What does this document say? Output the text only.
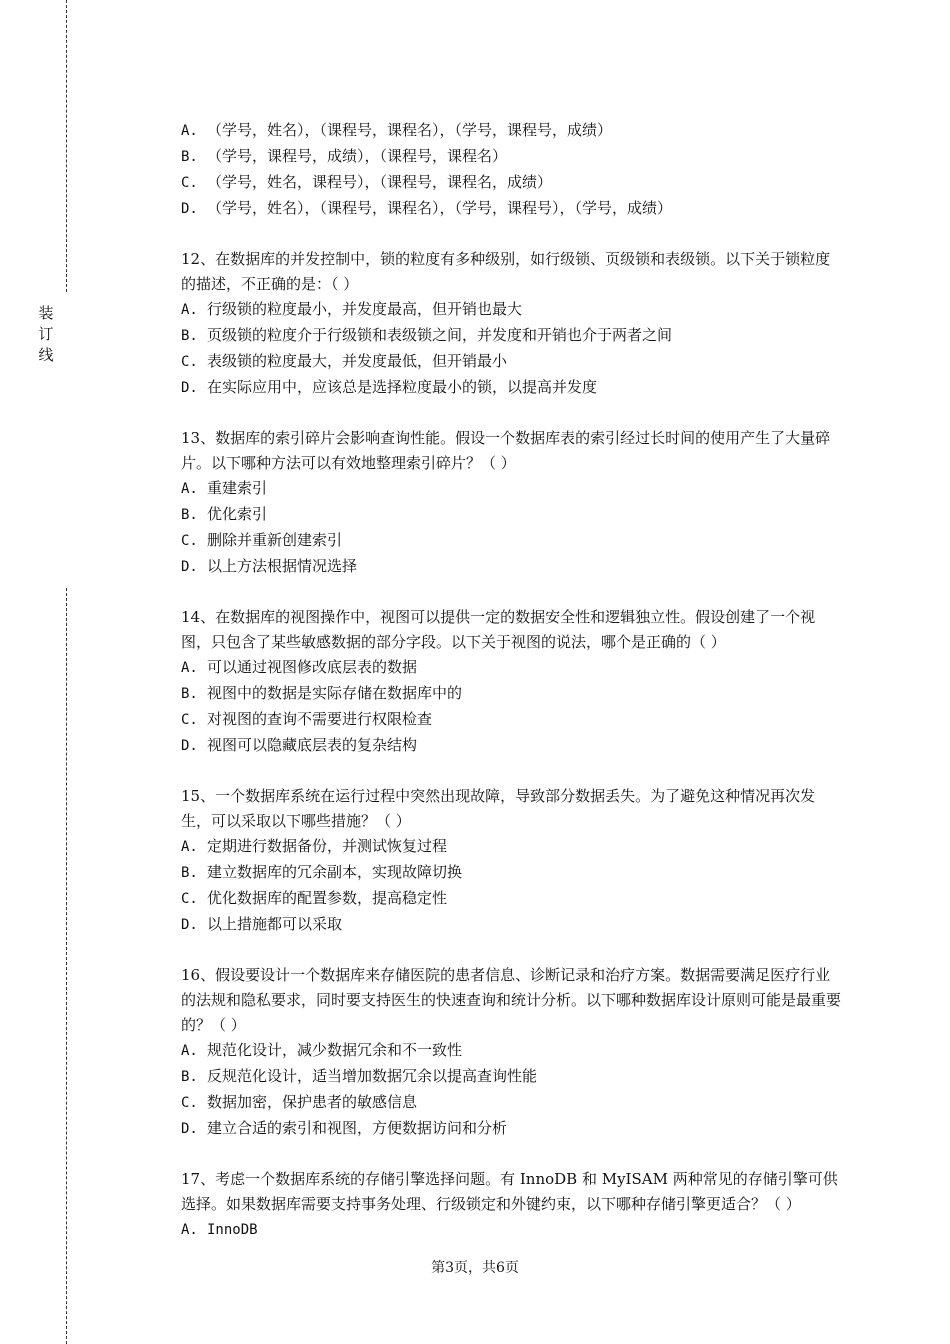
装
订
线
A. （学号，姓名），（课程号，课程名），（学号，课程号，成绩）
B. （学号，课程号，成绩），（课程号，课程名）
C. （学号，姓名，课程号），（课程号，课程名，成绩）
D. （学号，姓名），（课程号，课程名），（学号，课程号），（学号，成绩）

12、在数据库的并发控制中，锁的粒度有多种级别，如行级锁、页级锁和表级锁。以下关于锁粒度的描述，不正确的是：（ ）

A. 行级锁的粒度最小，并发度最高，但开销也最大
B. 页级锁的粒度介于行级锁和表级锁之间，并发度和开销也介于两者之间
C. 表级锁的粒度最大，并发度最低，但开销最小
D. 在实际应用中，应该总是选择粒度最小的锁，以提高并发度

13、数据库的索引碎片会影响查询性能。假设一个数据库表的索引经过长时间的使用产生了大量碎片。以下哪种方法可以有效地整理索引碎片？（ ）

A. 重建索引
B. 优化索引
C. 删除并重新创建索引
D. 以上方法根据情况选择

14、在数据库的视图操作中，视图可以提供一定的数据安全性和逻辑独立性。假设创建了一个视图，只包含了某些敏感数据的部分字段。以下关于视图的说法，哪个是正确的（ ）

A. 可以通过视图修改底层表的数据
B. 视图中的数据是实际存储在数据库中的
C. 对视图的查询不需要进行权限检查
D. 视图可以隐藏底层表的复杂结构

15、一个数据库系统在运行过程中突然出现故障，导致部分数据丢失。为了避免这种情况再次发生，可以采取以下哪些措施？（ ）

A. 定期进行数据备份，并测试恢复过程
B. 建立数据库的冗余副本，实现故障切换
C. 优化数据库的配置参数，提高稳定性
D. 以上措施都可以采取

16、假设要设计一个数据库来存储医院的患者信息、诊断记录和治疗方案。数据需要满足医疗行业的法规和隐私要求，同时要支持医生的快速查询和统计分析。以下哪种数据库设计原则可能是最重要的？（ ）

A. 规范化设计，减少数据冗余和不一致性
B. 反规范化设计，适当增加数据冗余以提高查询性能
C. 数据加密，保护患者的敏感信息
D. 建立合适的索引和视图，方便数据访问和分析

17、考虑一个数据库系统的存储引擎选择问题。有 InnoDB 和 MyISAM 两种常见的存储引擎可供选择。如果数据库需要支持事务处理、行级锁定和外键约束，以下哪种存储引擎更适合？（ ）

A. InnoDB
第3页，共6页
